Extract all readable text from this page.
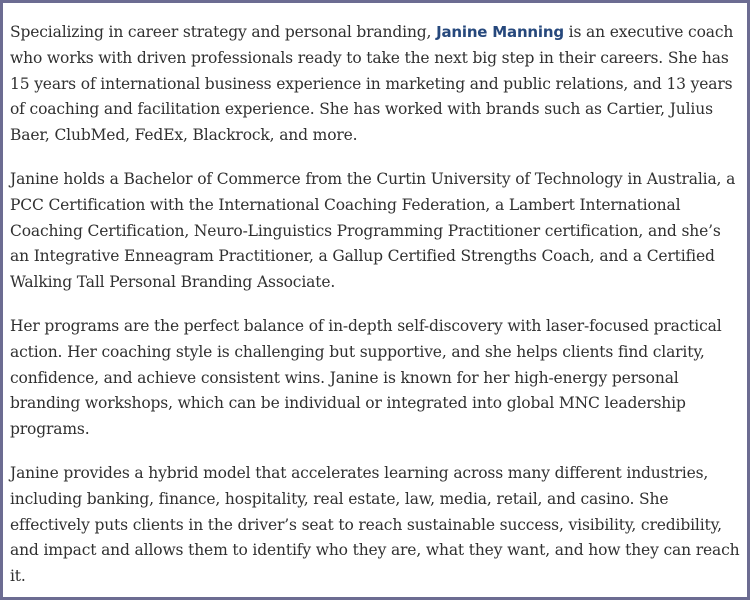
Specializing in career strategy and personal branding, Janine Manning is an executive coach who works with driven professionals ready to take the next big step in their careers. She has 15 years of international business experience in marketing and public relations, and 13 years of coaching and facilitation experience. She has worked with brands such as Cartier, Julius Baer, ClubMed, FedEx, Blackrock, and more.

Janine holds a Bachelor of Commerce from the Curtin University of Technology in Australia, a PCC Certification with the International Coaching Federation, a Lambert International Coaching Certification, Neuro-Linguistics Programming Practitioner certification, and she’s an Integrative Enneagram Practitioner, a Gallup Certified Strengths Coach, and a Certified Walking Tall Personal Branding Associate.

Her programs are the perfect balance of in-depth self-discovery with laser-focused practical action. Her coaching style is challenging but supportive, and she helps clients find clarity, confidence, and achieve consistent wins. Janine is known for her high-energy personal branding workshops, which can be individual or integrated into global MNC leadership programs.

Janine provides a hybrid model that accelerates learning across many different industries, including banking, finance, hospitality, real estate, law, media, retail, and casino. She effectively puts clients in the driver’s seat to reach sustainable success, visibility, credibility, and impact and allows them to identify who they are, what they want, and how they can reach it.
